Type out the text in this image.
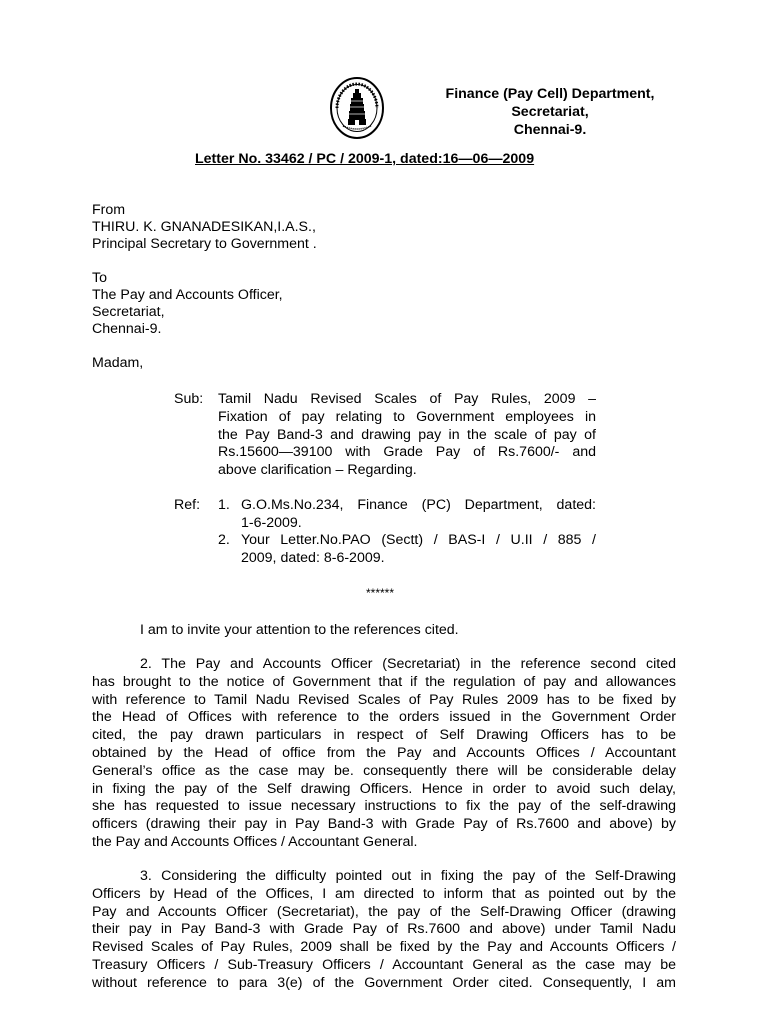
Finance (Pay Cell) Department,
Secretariat,
Chennai-9.
Letter No. 33462 / PC / 2009-1, dated:16—06—2009
From
THIRU. K. GNANADESIKAN,I.A.S.,
Principal Secretary to Government .
To
The Pay and Accounts Officer,
Secretariat,
Chennai-9.
Madam,
Sub: Tamil Nadu Revised Scales of Pay Rules, 2009 –
Fixation of pay relating to Government employees in
the Pay Band-3 and drawing pay in the scale of pay of
Rs.15600—39100 with Grade Pay of Rs.7600/- and
above clarification – Regarding.
Ref: 1. G.O.Ms.No.234, Finance (PC) Department, dated:
1-6-2009.
2. Your Letter.No.PAO (Sectt) / BAS-I / U.II / 885 /
2009, dated: 8-6-2009.
******
I am to invite your attention to the references cited.
2. The Pay and Accounts Officer (Secretariat) in the reference second cited
has brought to the notice of Government that if the regulation of pay and allowances
with reference to Tamil Nadu Revised Scales of Pay Rules 2009 has to be fixed by
the Head of Offices with reference to the orders issued in the Government Order
cited, the pay drawn particulars in respect of Self Drawing Officers has to be
obtained by the Head of office from the Pay and Accounts Offices / Accountant
General’s office as the case may be. consequently there will be considerable delay
in fixing the pay of the Self drawing Officers. Hence in order to avoid such delay,
she has requested to issue necessary instructions to fix the pay of the self-drawing
officers (drawing their pay in Pay Band-3 with Grade Pay of Rs.7600 and above) by
the Pay and Accounts Offices / Accountant General.
3. Considering the difficulty pointed out in fixing the pay of the Self-Drawing
Officers by Head of the Offices, I am directed to inform that as pointed out by the
Pay and Accounts Officer (Secretariat), the pay of the Self-Drawing Officer (drawing
their pay in Pay Band-3 with Grade Pay of Rs.7600 and above) under Tamil Nadu
Revised Scales of Pay Rules, 2009 shall be fixed by the Pay and Accounts Officers /
Treasury Officers / Sub-Treasury Officers / Accountant General as the case may be
without reference to para 3(e) of the Government Order cited. Consequently, I am
